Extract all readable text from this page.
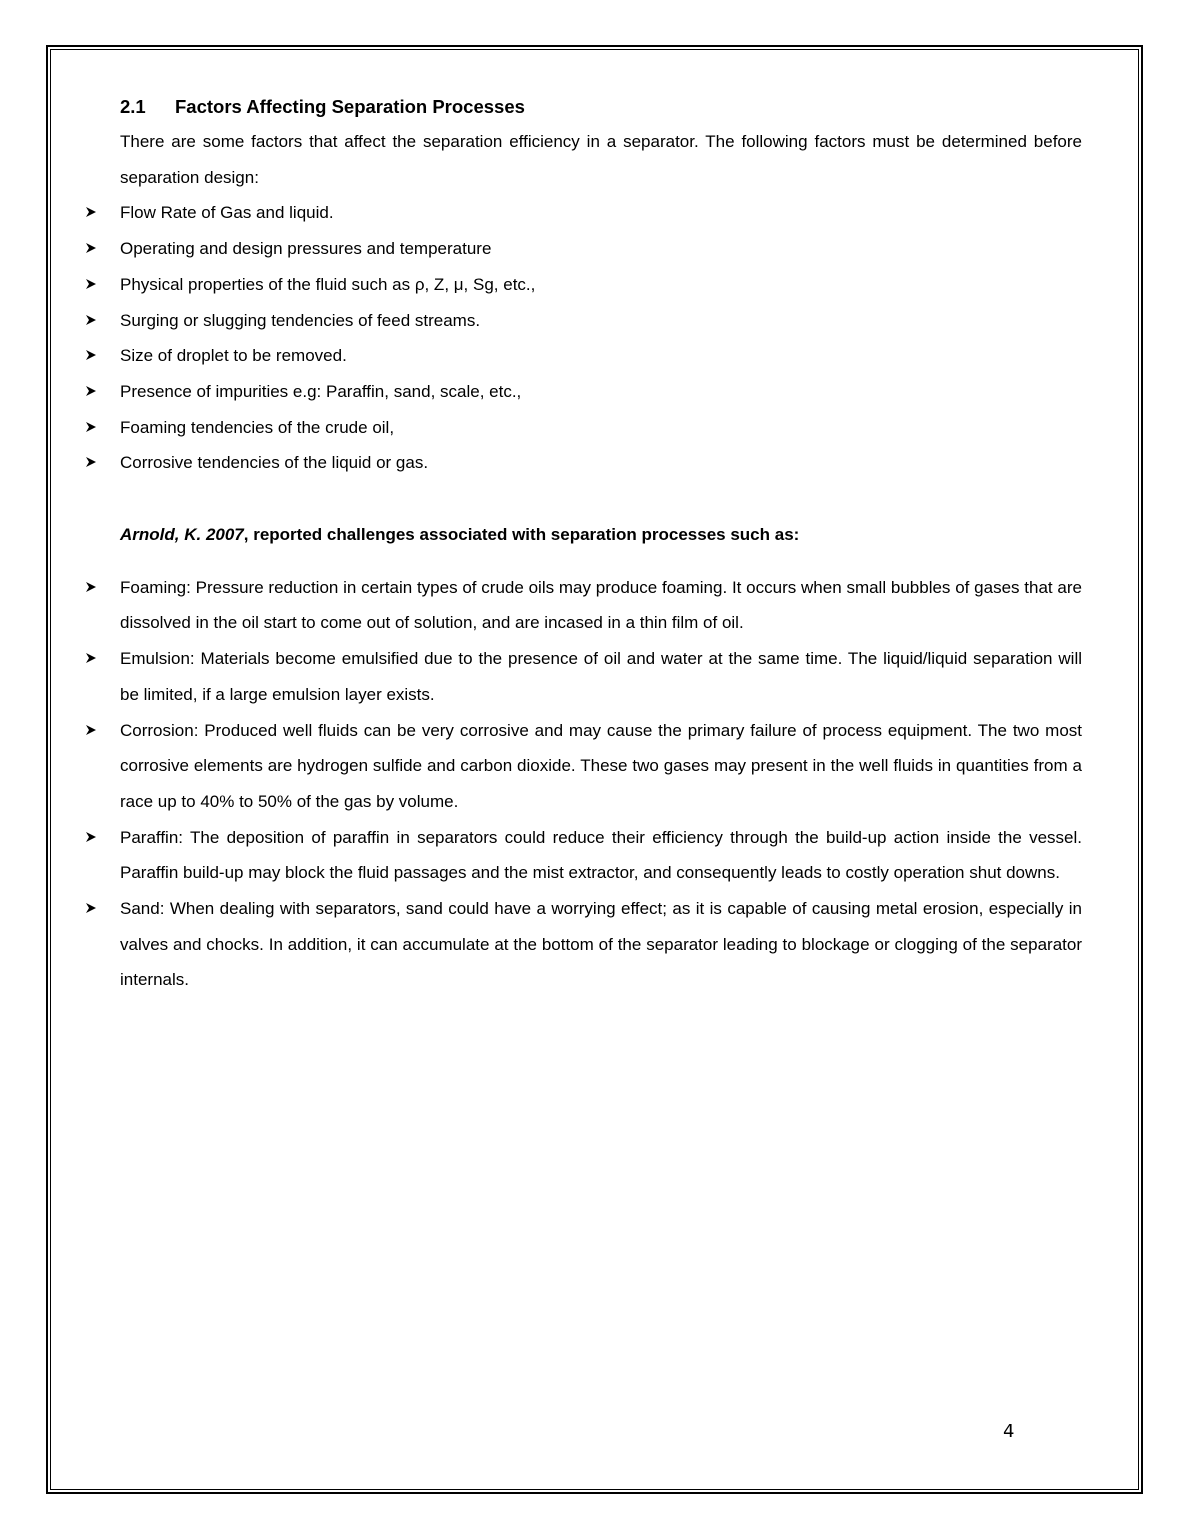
2.1 Factors Affecting Separation Processes

There are some factors that affect the separation efficiency in a separator. The following factors must be determined before separation design:

Flow Rate of Gas and liquid.
Operating and design pressures and temperature
Physical properties of the fluid such as ρ, Z, μ, Sg, etc.,
Surging or slugging tendencies of feed streams.
Size of droplet to be removed.
Presence of impurities e.g: Paraffin, sand, scale, etc.,
Foaming tendencies of the crude oil,
Corrosive tendencies of the liquid or gas.

Arnold, K. 2007, reported challenges associated with separation processes such as:

Foaming: Pressure reduction in certain types of crude oils may produce foaming. It occurs when small bubbles of gases that are dissolved in the oil start to come out of solution, and are incased in a thin film of oil.
Emulsion: Materials become emulsified due to the presence of oil and water at the same time. The liquid/liquid separation will be limited, if a large emulsion layer exists.
Corrosion: Produced well fluids can be very corrosive and may cause the primary failure of process equipment. The two most corrosive elements are hydrogen sulfide and carbon dioxide. These two gases may present in the well fluids in quantities from a race up to 40% to 50% of the gas by volume.
Paraffin: The deposition of paraffin in separators could reduce their efficiency through the build-up action inside the vessel. Paraffin build-up may block the fluid passages and the mist extractor, and consequently leads to costly operation shut downs.
Sand: When dealing with separators, sand could have a worrying effect; as it is capable of causing metal erosion, especially in valves and chocks. In addition, it can accumulate at the bottom of the separator leading to blockage or clogging of the separator internals.
4
